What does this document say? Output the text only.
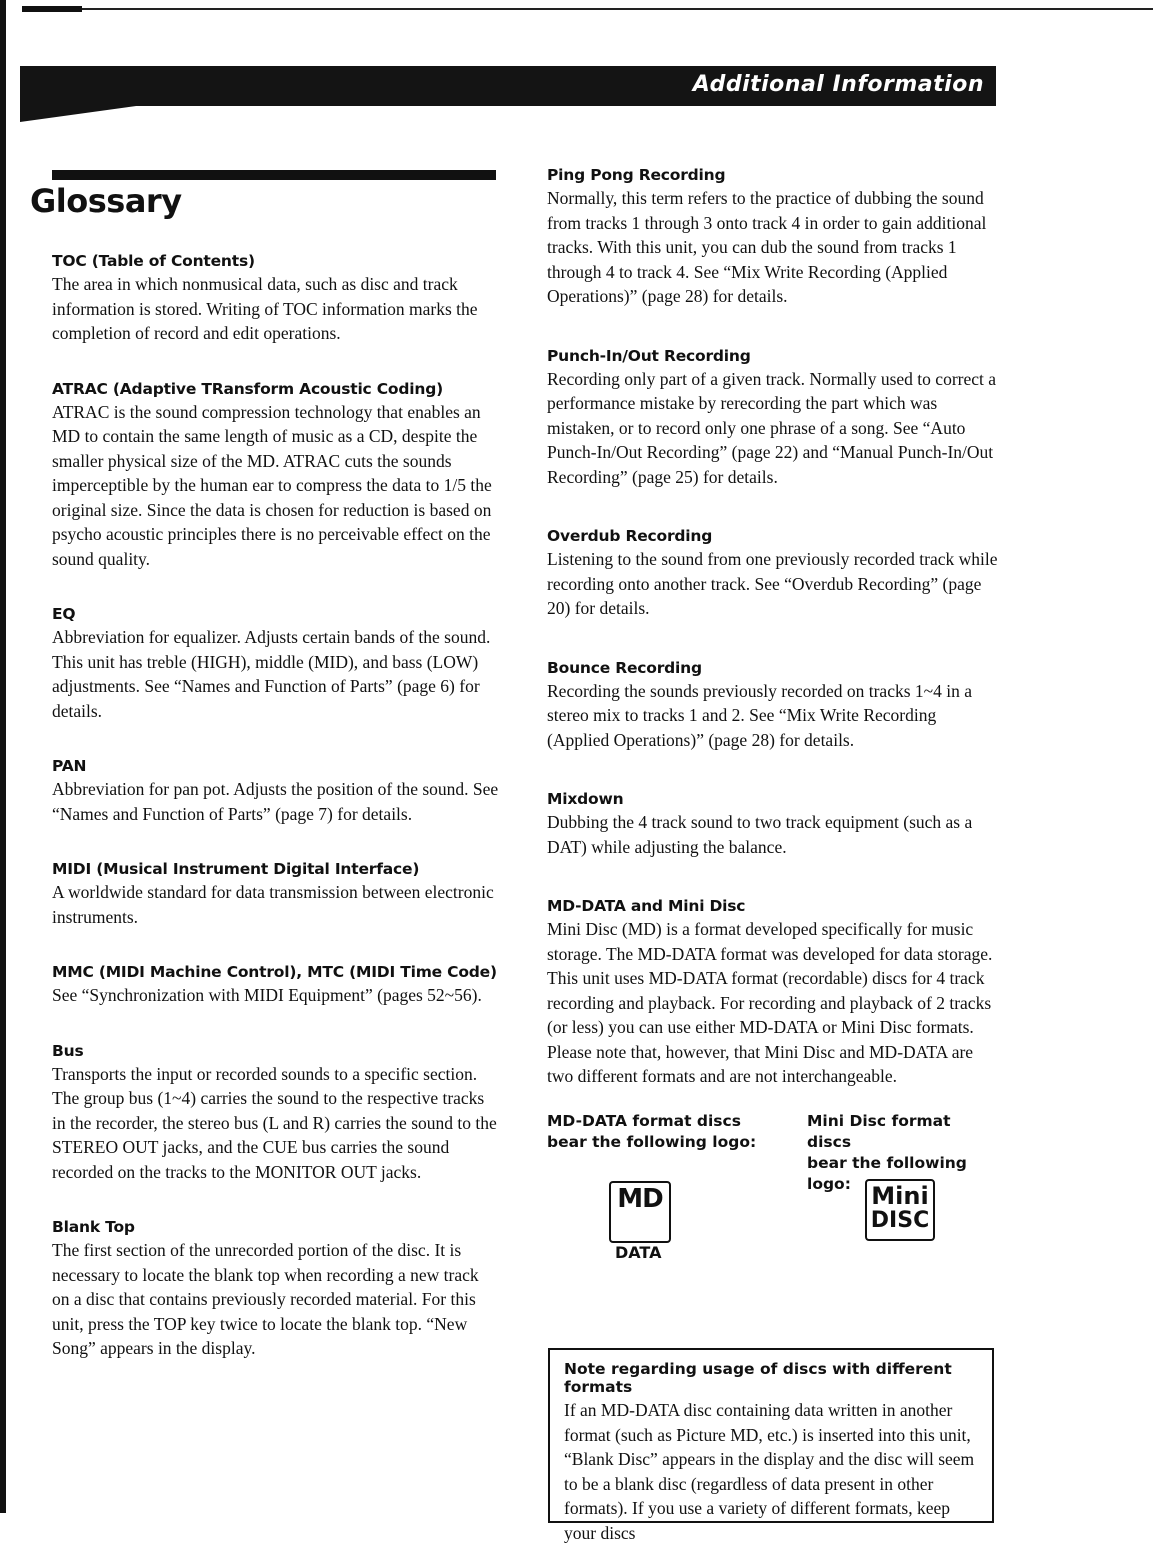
Additional Information
Glossary

TOC (Table of Contents)

The area in which nonmusical data, such as disc and track information is stored. Writing of TOC information marks the completion of record and edit operations.

ATRAC (Adaptive TRansform Acoustic Coding)

ATRAC is the sound compression technology that enables an MD to contain the same length of music as a CD, despite the smaller physical size of the MD. ATRAC cuts the sounds imperceptible by the human ear to compress the data to 1/5 the original size. Since the data is chosen for reduction is based on psycho acoustic principles there is no perceivable effect on the sound quality.

EQ

Abbreviation for equalizer. Adjusts certain bands of the sound. This unit has treble (HIGH), middle (MID), and bass (LOW) adjustments. See “Names and Function of Parts” (page 6) for details.

PAN

Abbreviation for pan pot. Adjusts the position of the sound. See “Names and Function of Parts” (page 7) for details.

MIDI (Musical Instrument Digital Interface)

A worldwide standard for data transmission between electronic instruments.

MMC (MIDI Machine Control), MTC (MIDI Time Code)

See “Synchronization with MIDI Equipment” (pages 52~56).

Bus

Transports the input or recorded sounds to a specific section. The group bus (1~4) carries the sound to the respective tracks in the recorder, the stereo bus (L and R) carries the sound to the STEREO OUT jacks, and the CUE bus carries the sound recorded on the tracks to the MONITOR OUT jacks.

Blank Top

The first section of the unrecorded portion of the disc. It is necessary to locate the blank top when recording a new track on a disc that contains previously recorded material. For this unit, press the TOP key twice to locate the blank top. “New Song” appears in the display.

Ping Pong Recording

Normally, this term refers to the practice of dubbing the sound from tracks 1 through 3 onto track 4 in order to gain additional tracks. With this unit, you can dub the sound from tracks 1 through 4 to track 4. See “Mix Write Recording (Applied Operations)” (page 28) for details.

Punch-In/Out Recording

Recording only part of a given track. Normally used to correct a performance mistake by rerecording the part which was mistaken, or to record only one phrase of a song. See “Auto Punch-In/Out Recording” (page 22) and “Manual Punch-In/Out Recording” (page 25) for details.

Overdub Recording

Listening to the sound from one previously recorded track while recording onto another track. See “Overdub Recording” (page 20) for details.

Bounce Recording

Recording the sounds previously recorded on tracks 1~4 in a stereo mix to tracks 1 and 2. See “Mix Write Recording (Applied Operations)” (page 28) for details.

Mixdown

Dubbing the 4 track sound to two track equipment (such as a DAT) while adjusting the balance.

MD-DATA and Mini Disc

Mini Disc (MD) is a format developed specifically for music storage. The MD-DATA format was developed for data storage. This unit uses MD-DATA format (recordable) discs for 4 track recording and playback. For recording and playback of 2 tracks (or less) you can use either MD-DATA or Mini Disc formats. Please note that, however, that Mini Disc and MD-DATA are two different formats and are not interchangeable.

MD-DATA format discs
bear the following logo:
Mini Disc format discs
bear the following logo:
MD
DATA
Mini
DISC

Note regarding usage of discs with different formats

If an MD-DATA disc containing data written in another format (such as Picture MD, etc.) is inserted into this unit, “Blank Disc” appears in the display and the disc will seem to be a blank disc (regardless of data present in other formats). If you use a variety of different formats, keep your discs
